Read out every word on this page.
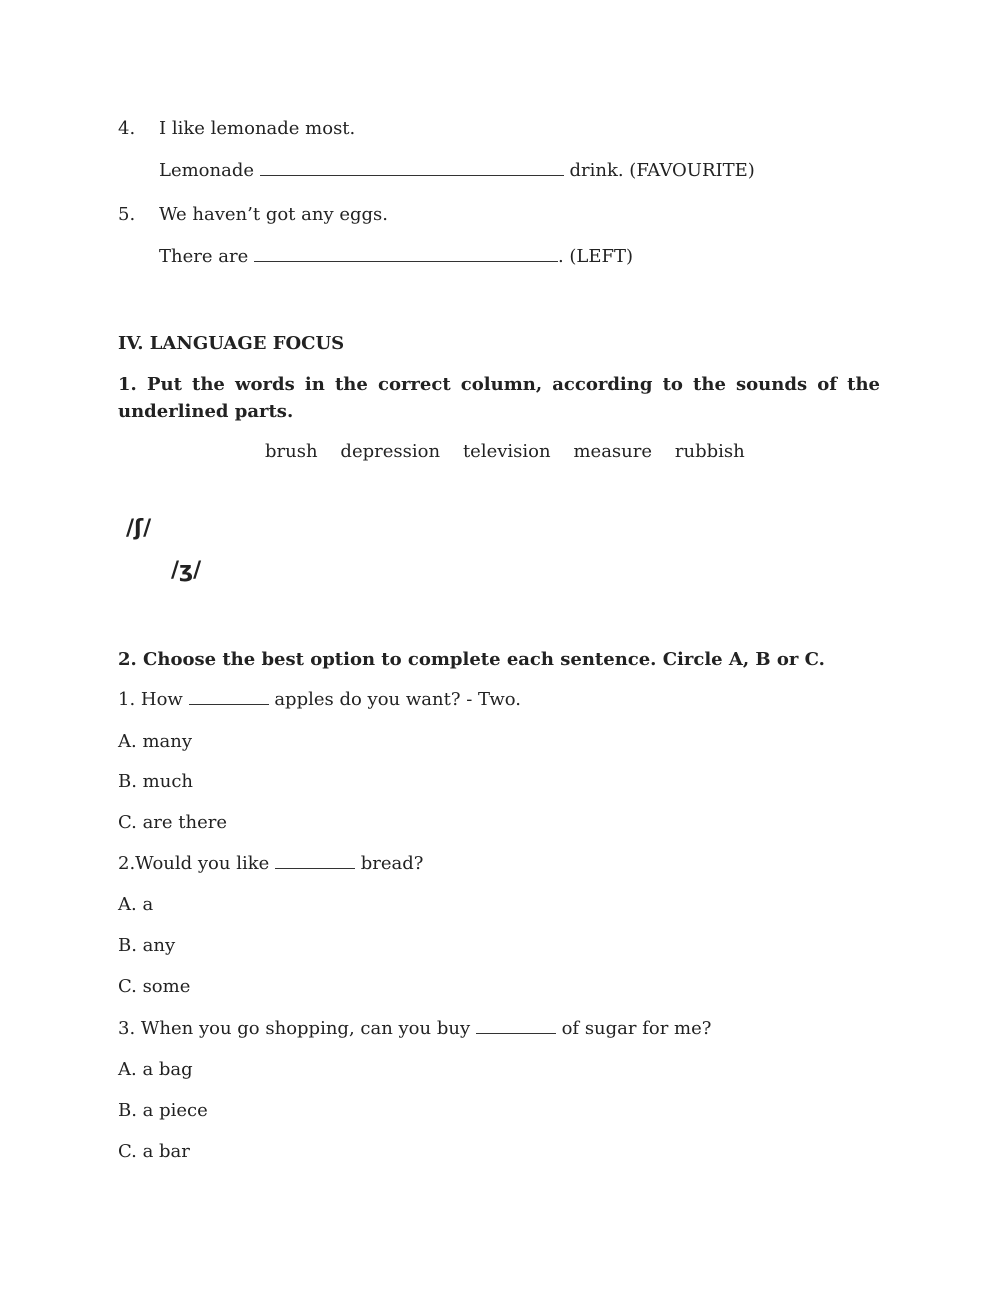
4. I like lemonade most.
Lemonade	drink. (FAVOURITE)
5. We haven’t got any eggs.
There are	. (LEFT)
IV. LANGUAGE FOCUS
1. Put the words in the correct column, according to the sounds of the underlined parts.
brush    depression    television    measure    rubbish
/ʃ/
/ʒ/
2. Choose the best option to complete each sentence. Circle A, B or C.
1. How	apples do you want? - Two.
A. many
B. much
C. are there
2.Would you like	bread?
A. a
B. any
C. some
3. When you go shopping, can you buy	of sugar for me?
A. a bag
B. a piece
C. a bar
